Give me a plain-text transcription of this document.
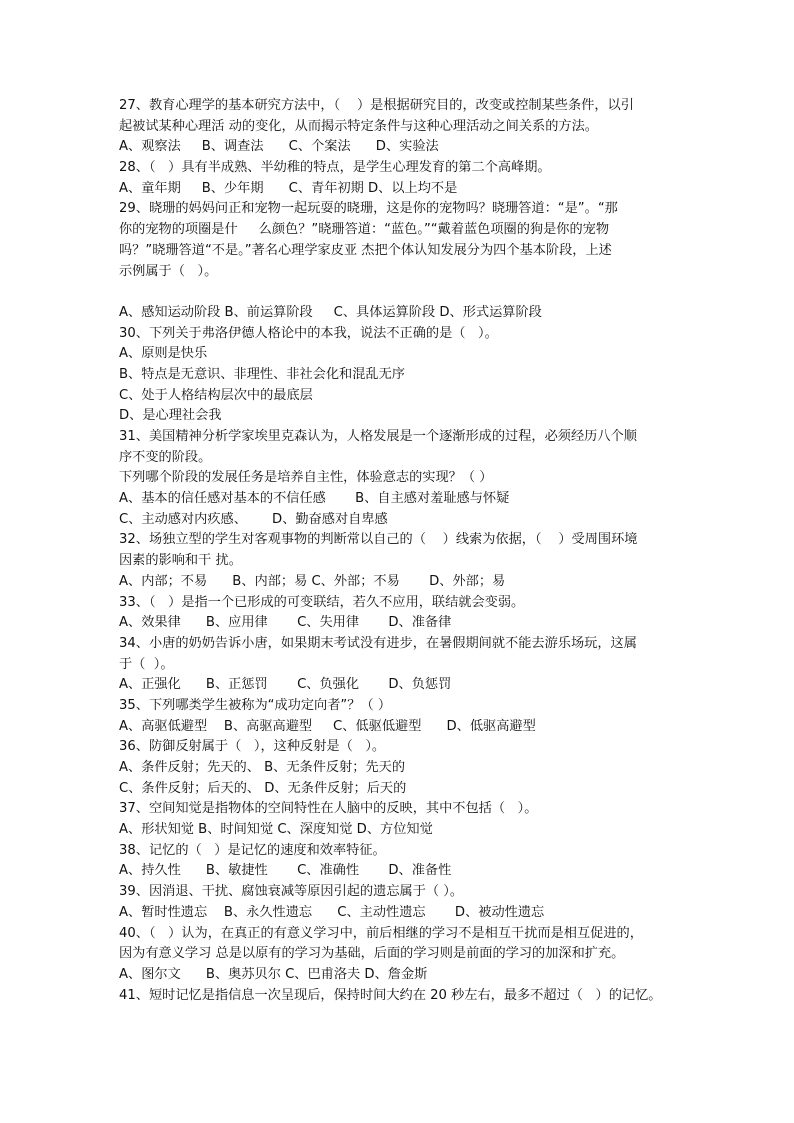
27、教育心理学的基本研究方法中，（    ）是根据研究目的，改变或控制某些条件，以引
起被试某种心理活 动的变化，从而揭示特定条件与这种心理活动之间关系的方法。
A、观察法     B、调查法      C、个案法      D、实验法
28、（   ）具有半成熟、半幼稚的特点，是学生心理发育的第二个高峰期。
A、童年期     B、少年期      C、青年初期 D、以上均不是
29、晓珊的妈妈问正和宠物一起玩耍的晓珊，这是你的宠物吗？晓珊答道：“是”。“那
你的宠物的项圈是什     么颜色？”晓珊答道：“蓝色。”“戴着蓝色项圈的狗是你的宠物
吗？”晓珊答道“不是。”著名心理学家皮亚 杰把个体认知发展分为四个基本阶段，上述
示例属于（   ）。
A、感知运动阶段 B、前运算阶段     C、具体运算阶段 D、形式运算阶段
30、下列关于弗洛伊德人格论中的本我，说法不正确的是（   ）。
A、原则是快乐
B、特点是无意识、非理性、非社会化和混乱无序
C、处于人格结构层次中的最底层
D、是心理社会我
31、美国精神分析学家埃里克森认为，人格发展是一个逐渐形成的过程，必须经历八个顺
序不变的阶段。
下列哪个阶段的发展任务是培养自主性，体验意志的实现？（ ）
A、基本的信任感对基本的不信任感       B、自主感对羞耻感与怀疑
C、主动感对内疚感、      D、勤奋感对自卑感
32、场独立型的学生对客观事物的判断常以自己的（    ）线索为依据，（    ）受周围环境
因素的影响和干 扰。
A、内部；不易      B、内部；易 C、外部；不易       D、外部；易
33、（   ）是指一个已形成的可变联结，若久不应用，联结就会变弱。
A、效果律      B、应用律       C、失用律       D、准备律
34、小唐的奶奶告诉小唐，如果期末考试没有进步，在暑假期间就不能去游乐场玩，这属
于（  ）。
A、正强化      B、正惩罚       C、负强化       D、负惩罚
35、下列哪类学生被称为“成功定向者”？（ ）
A、高驱低避型    B、高驱高避型     C、低驱低避型      D、低驱高避型
36、防御反射属于（   ），这种反射是（   ）。
A、条件反射；先天的、 B、无条件反射；先天的
C、条件反射；后天的、 D、无条件反射；后天的
37、空间知觉是指物体的空间特性在人脑中的反映，其中不包括（   ）。
A、形状知觉 B、时间知觉 C、深度知觉 D、方位知觉
38、记忆的（   ）是记忆的速度和效率特征。
A、持久性      B、敏捷性       C、准确性       D、准备性
39、因消退、干扰、腐蚀衰减等原因引起的遗忘属于（ ）。
A、暂时性遗忘    B、永久性遗忘      C、主动性遗忘       D、被动性遗忘
40、（   ）认为，在真正的有意义学习中，前后相继的学习不是相互干扰而是相互促进的，
因为有意义学习 总是以原有的学习为基础，后面的学习则是前面的学习的加深和扩充。
A、图尔文      B、奥苏贝尔 C、巴甫洛夫 D、詹金斯
41、短时记忆是指信息一次呈现后，保持时间大约在 20 秒左右，最多不超过（   ）的记忆。
